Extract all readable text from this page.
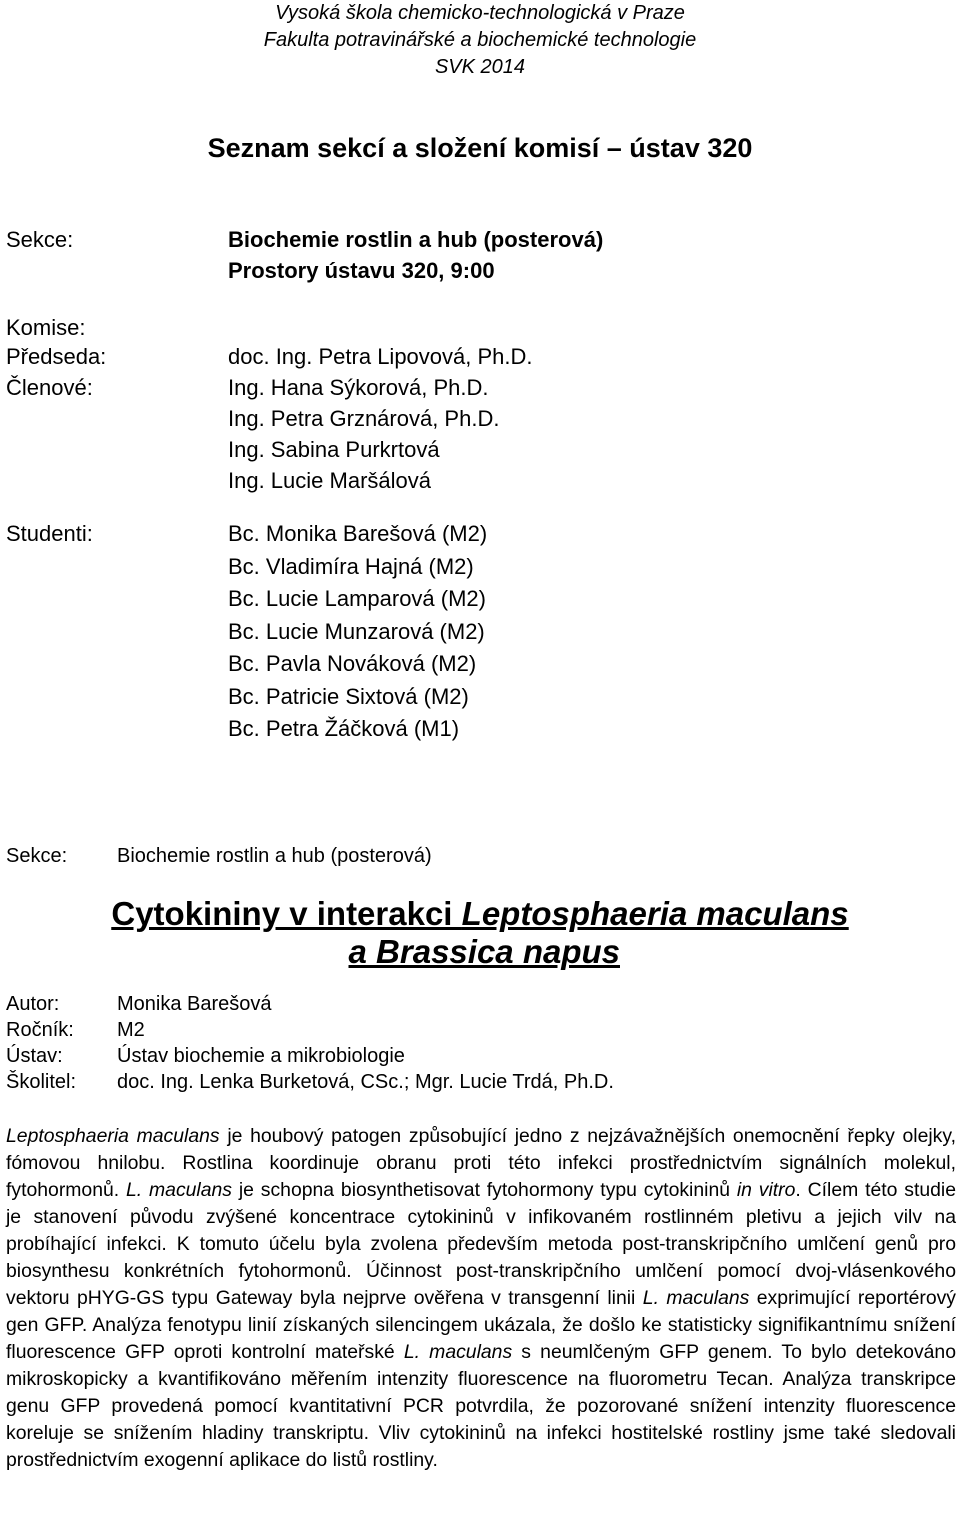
Vysoká škola chemicko-technologická v Praze
Fakulta potravinářské a biochemické technologie
SVK 2014
Seznam sekcí a složení komisí – ústav 320
Sekce:	Biochemie rostlin a hub (posterová)
Prostory ústavu 320, 9:00
Komise:
Předseda:	doc. Ing. Petra Lipovová, Ph.D.
Členové:	Ing. Hana Sýkorová, Ph.D.
Ing. Petra Grznárová, Ph.D.
Ing. Sabina Purkrtová
Ing. Lucie Maršálová
Studenti:	Bc. Monika Barešová (M2)
Bc. Vladimíra Hajná (M2)
Bc. Lucie Lamparová (M2)
Bc. Lucie Munzarová (M2)
Bc. Pavla Nováková (M2)
Bc. Patricie Sixtová (M2)
Bc. Petra Žáčková (M1)
Sekce: Biochemie rostlin a hub (posterová)
Cytokininy v interakci Leptosphaeria maculans
a Brassica napus
Autor:	Monika Barešová
Ročník: M2
Ústav:	Ústav biochemie a mikrobiologie
Školitel: doc. Ing. Lenka Burketová, CSc.; Mgr. Lucie Trdá, Ph.D.
Leptosphaeria maculans je houbový patogen způsobující jedno z nejzávažnějších onemocnění řepky olejky, fómovou hnilobu. Rostlina koordinuje obranu proti této infekci prostřednictvím signálních molekul, fytohormonů. L. maculans je schopna biosynthetisovat fytohormony typu cytokininů in vitro. Cílem této studie je stanovení původu zvýšené koncentrace cytokininů v infikovaném rostlinném pletivu a jejich vilv na probíhající infekci. K tomuto účelu byla zvolena především metoda post-transkripčního umlčení genů pro biosynthesu konkrétních fytohormonů. Účinnost post-transkripčního umlčení pomocí dvoj-vlásenkového vektoru pHYG-GS typu Gateway byla nejprve ověřena v transgenní linii L. maculans exprimující reportérový gen GFP. Analýza fenotypu linií získaných silencingem ukázala, že došlo ke statisticky signifikantnímu snížení fluorescence GFP oproti kontrolní mateřské L. maculans s neumlčeným GFP genem. To bylo detekováno mikroskopicky a kvantifikováno měřením intenzity fluorescence na fluorometru Tecan. Analýza transkripce genu GFP provedená pomocí kvantitativní PCR potvrdila, že pozorované snížení intenzity fluorescence koreluje se snížením hladiny transkriptu. Vliv cytokininů na infekci hostitelské rostliny jsme také sledovali prostřednictvím exogenní aplikace do listů rostliny.
